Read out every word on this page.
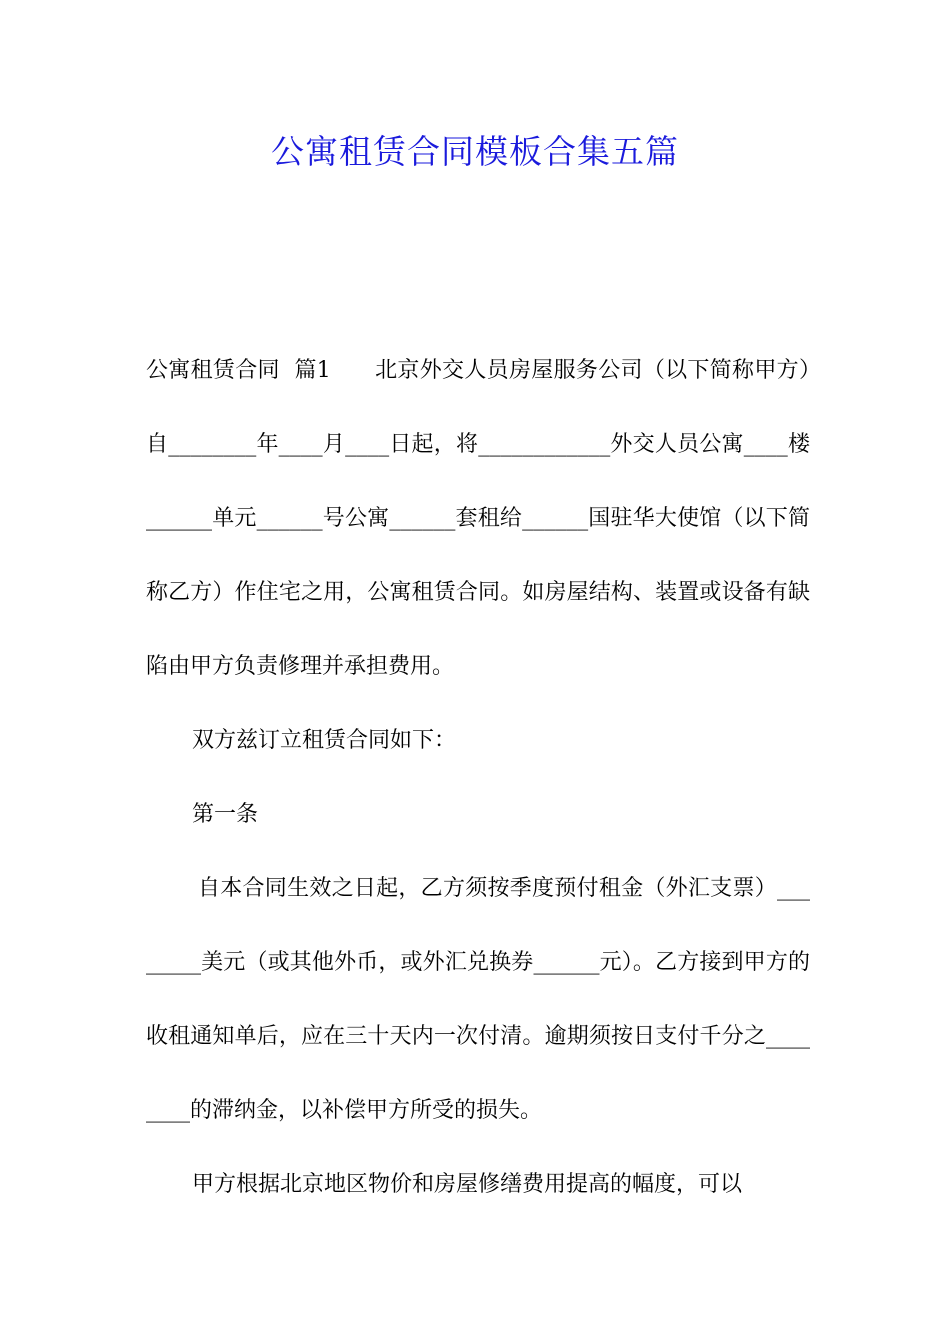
公寓租赁合同模板合集五篇

公寓租赁合同  篇1 北京外交人员房屋服务公司（以下简称甲方）自________年____月____日起，将____________外交人员公寓____楼______单元______号公寓______套租给______国驻华大使馆（以下简称乙方）作住宅之用，公寓租赁合同。如房屋结构、装置或设备有缺陷由甲方负责修理并承担费用。

双方兹订立租赁合同如下：

第一条

自本合同生效之日起，乙方须按季度预付租金（外汇支票）________美元（或其他外币，或外汇兑换券______元）。乙方接到甲方的收租通知单后，应在三十天内一次付清。逾期须按日支付千分之________的滞纳金，以补偿甲方所受的损失。

甲方根据北京地区物价和房屋修缮费用提高的幅度，可以
